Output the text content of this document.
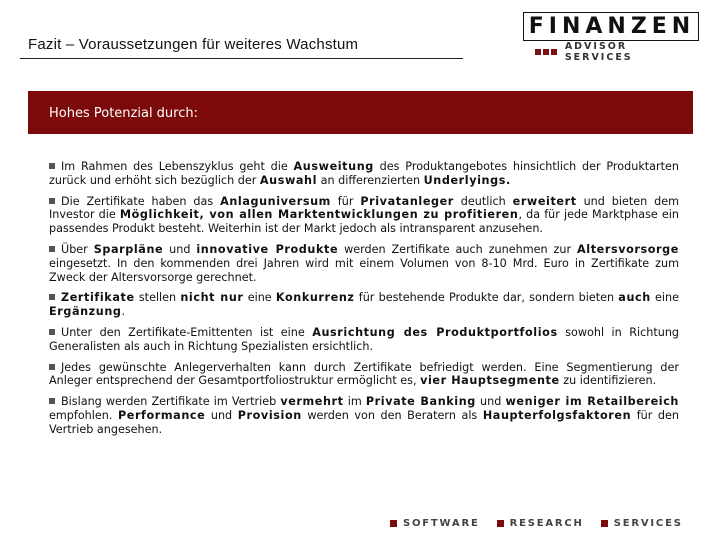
Fazit – Voraussetzungen für weiteres Wachstum
FINANZEN
ADVISOR SERVICES
Hohes Potenzial durch:
Im Rahmen des Lebenszyklus geht die Ausweitung des Produktangebotes hinsichtlich der Produktarten zurück und erhöht sich bezüglich der Auswahl an differenzierten Underlyings.
Die Zertifikate haben das Anlaguniversum für Privatanleger deutlich erweitert und bieten dem Investor die Möglichkeit, von allen Marktentwicklungen zu profitieren, da für jede Marktphase ein passendes Produkt besteht. Weiterhin ist der Markt jedoch als intransparent anzusehen.
Über Sparpläne und innovative Produkte werden Zertifikate auch zunehmen zur Altersvorsorge eingesetzt. In den kommenden drei Jahren wird mit einem Volumen von 8-10 Mrd. Euro in Zertifikate zum Zweck der Altersvorsorge gerechnet.
Zertifikate stellen nicht nur eine Konkurrenz für bestehende Produkte dar, sondern bieten auch eine Ergänzung.
Unter den Zertifikate-Emittenten ist eine Ausrichtung des Produktportfolios sowohl in Richtung Generalisten als auch in Richtung Spezialisten ersichtlich.
Jedes gewünschte Anlegerverhalten kann durch Zertifikate befriedigt werden. Eine Segmentierung der Anleger entsprechend der Gesamtportfoliostruktur ermöglicht es, vier Hauptsegmente zu identifizieren.
Bislang werden Zertifikate im Vertrieb vermehrt im Private Banking und weniger im Retailbereich empfohlen. Performance und Provision werden von den Beratern als Haupterfolgsfaktoren für den Vertrieb angesehen.
SOFTWARE	RESEARCH	SERVICES
